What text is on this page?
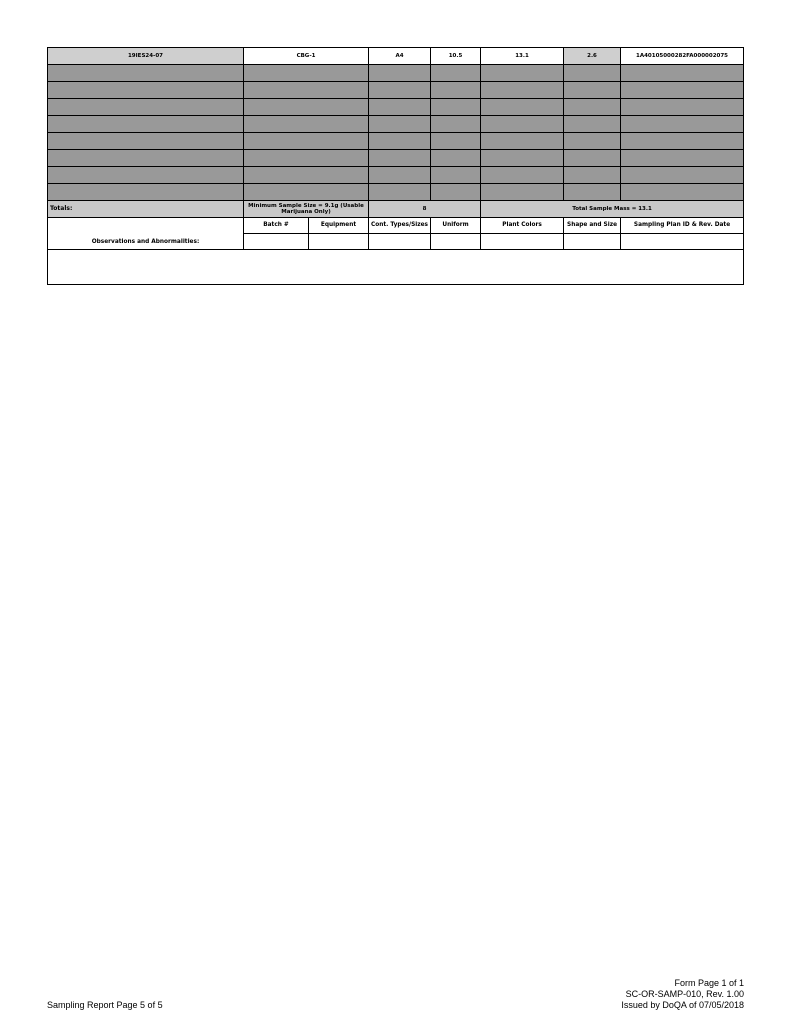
19IES24-07	CBG-1		A4	10.5	13.1	2.6	1A40105000282FA000002075

Totals:	Minimum Sample Size = 9.1g (Usable Marijuana Only)		8		Total Sample Mass = 13.1		
Observations and Abnormalities:	Batch #	Equipment	Cont. Types/Sizes	Uniform	Plant Colors	Shape and Size	Sampling Plan ID & Rev. Date

Sampling Report Page 5 of 5
Form Page 1 of 1
SC-OR-SAMP-010, Rev. 1.00
Issued by DoQA of 07/05/2018
